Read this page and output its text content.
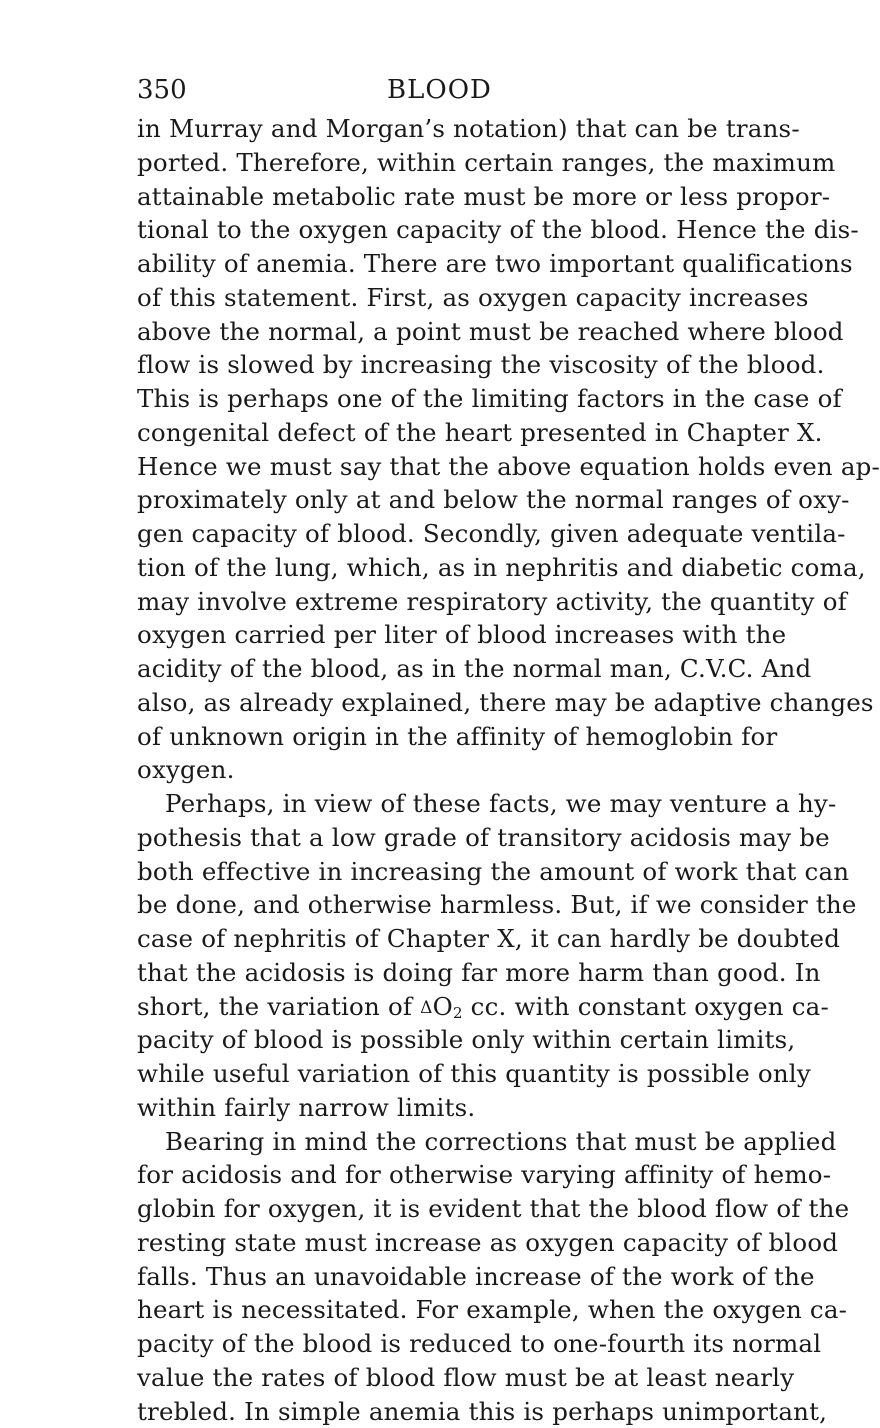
350	BLOOD
in Murray and Morgan’s notation) that can be trans-
ported. Therefore, within certain ranges, the maximum
attainable metabolic rate must be more or less propor-
tional to the oxygen capacity of the blood. Hence the dis-
ability of anemia. There are two important qualifications
of this statement. First, as oxygen capacity increases
above the normal, a point must be reached where blood
flow is slowed by increasing the viscosity of the blood.
This is perhaps one of the limiting factors in the case of
congenital defect of the heart presented in Chapter X.
Hence we must say that the above equation holds even ap-
proximately only at and below the normal ranges of oxy-
gen capacity of blood. Secondly, given adequate ventila-
tion of the lung, which, as in nephritis and diabetic coma,
may involve extreme respiratory activity, the quantity of
oxygen carried per liter of blood increases with the
acidity of the blood, as in the normal man, C.V.C. And
also, as already explained, there may be adaptive changes
of unknown origin in the affinity of hemoglobin for
oxygen.
Perhaps, in view of these facts, we may venture a hy-
pothesis that a low grade of transitory acidosis may be
both effective in increasing the amount of work that can
be done, and otherwise harmless. But, if we consider the
case of nephritis of Chapter X, it can hardly be doubted
that the acidosis is doing far more harm than good. In
short, the variation of $\Delta O_2$ cc. with constant oxygen ca-
pacity of blood is possible only within certain limits,
while useful variation of this quantity is possible only
within fairly narrow limits.
Bearing in mind the corrections that must be applied
for acidosis and for otherwise varying affinity of hemo-
globin for oxygen, it is evident that the blood flow of the
resting state must increase as oxygen capacity of blood
falls. Thus an unavoidable increase of the work of the
heart is necessitated. For example, when the oxygen ca-
pacity of the blood is reduced to one-fourth its normal
value the rates of blood flow must be at least nearly
trebled. In simple anemia this is perhaps unimportant,
